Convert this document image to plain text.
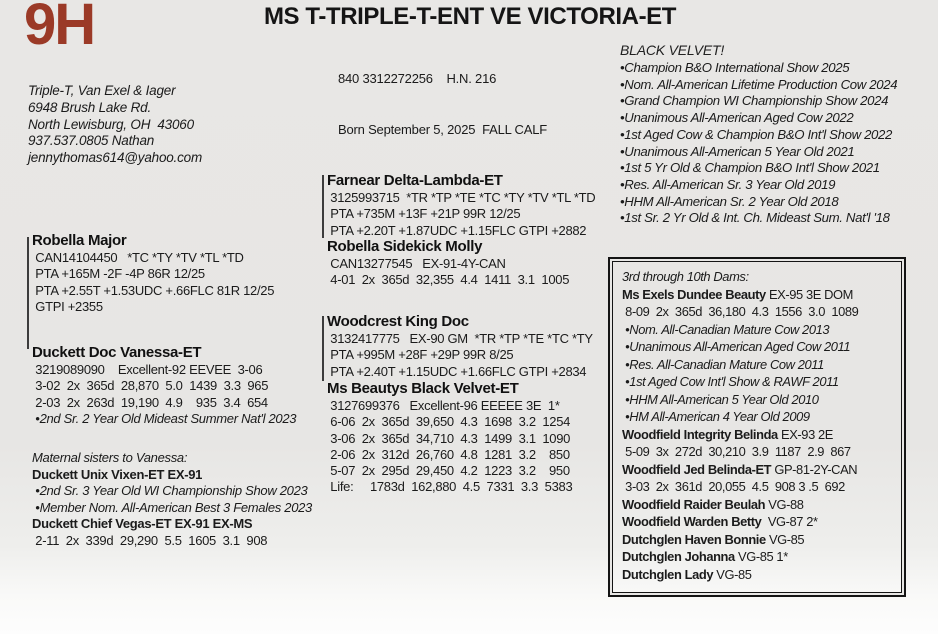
9H	MS T-TRIPLE-T-ENT VE VICTORIA-ET

840 3312272256    H.N. 216

Born September 5, 2025  FALL CALF

Triple-T, Van Exel & Iager
6948 Brush Lake Rd.
North Lewisburg, OH  43060
937.537.0805 Nathan
jennythomas614@yahoo.com
Robella Major
CAN14104450   *TC *TY *TV *TL *TD
PTA +165M -2F -4P 86R 12/25
PTA +2.55T +1.53UDC +.66FLC 81R 12/25
GTPI +2355
Duckett Doc Vanessa-ET
3219089090    Excellent-92 EEVEE  3-06
3-02  2x  365d  28,870  5.0  1439  3.3  965
2-03  2x  263d  19,190  4.9    935  3.4  654
•2nd Sr. 2 Year Old Mideast Summer Nat'l 2023
Maternal sisters to Vanessa:
Duckett Unix Vixen-ET EX-91
•2nd Sr. 3 Year Old WI Championship Show 2023
•Member Nom. All-American Best 3 Females 2023
Duckett Chief Vegas-ET EX-91 EX-MS
2-11  2x  339d  29,290  5.5  1605  3.1  908
Farnear Delta-Lambda-ET
3125993715  *TR *TP *TE *TC *TY *TV *TL *TD
PTA +735M +13F +21P 99R 12/25
PTA +2.20T +1.87UDC +1.15FLC GTPI +2882
Robella Sidekick Molly
CAN13277545   EX-91-4Y-CAN
4-01  2x  365d  32,355  4.4  1411  3.1  1005
Woodcrest King Doc
3132417775   EX-90 GM  *TR *TP *TE *TC *TY
PTA +995M +28F +29P 99R 8/25
PTA +2.40T +1.15UDC +1.66FLC GTPI +2834
Ms Beautys Black Velvet-ET
3127699376   Excellent-96 EEEEE 3E  1*
6-06  2x  365d  39,650  4.3  1698  3.2  1254
3-06  2x  365d  34,710  4.3  1499  3.1  1090
2-06  2x  312d  26,760  4.8  1281  3.2    850
5-07  2x  295d  29,450  4.2  1223  3.2    950
Life:     1783d  162,880  4.5  7331  3.3  5383
BLACK VELVET!
•Champion B&O International Show 2025
•Nom. All-American Lifetime Production Cow 2024
•Grand Champion WI Championship Show 2024
•Unanimous All-American Aged Cow 2022
•1st Aged Cow & Champion B&O Int'l Show 2022
•Unanimous All-American 5 Year Old 2021
•1st 5 Yr Old & Champion B&O Int'l Show 2021
•Res. All-American Sr. 3 Year Old 2019
•HHM All-American Sr. 2 Year Old 2018
•1st Sr. 2 Yr Old & Int. Ch. Mideast Sum. Nat'l '18
3rd through 10th Dams:
Ms Exels Dundee Beauty EX-95 3E DOM
8-09  2x  365d  36,180  4.3  1556  3.0  1089
•Nom. All-Canadian Mature Cow 2013
•Unanimous All-American Aged Cow 2011
•Res. All-Canadian Mature Cow 2011
•1st Aged Cow Int'l Show & RAWF 2011
•HHM All-American 5 Year Old 2010
•HM All-American 4 Year Old 2009
Woodfield Integrity Belinda EX-93 2E
5-09  3x  272d  30,210  3.9  1187  2.9  867
Woodfield Jed Belinda-ET GP-81-2Y-CAN
3-03  2x  361d  20,055  4.5  908 3 .5  692
Woodfield Raider Beulah VG-88
Woodfield Warden Betty  VG-87 2*
Dutchglen Haven Bonnie VG-85
Dutchglen Johanna VG-85 1*
Dutchglen Lady VG-85
